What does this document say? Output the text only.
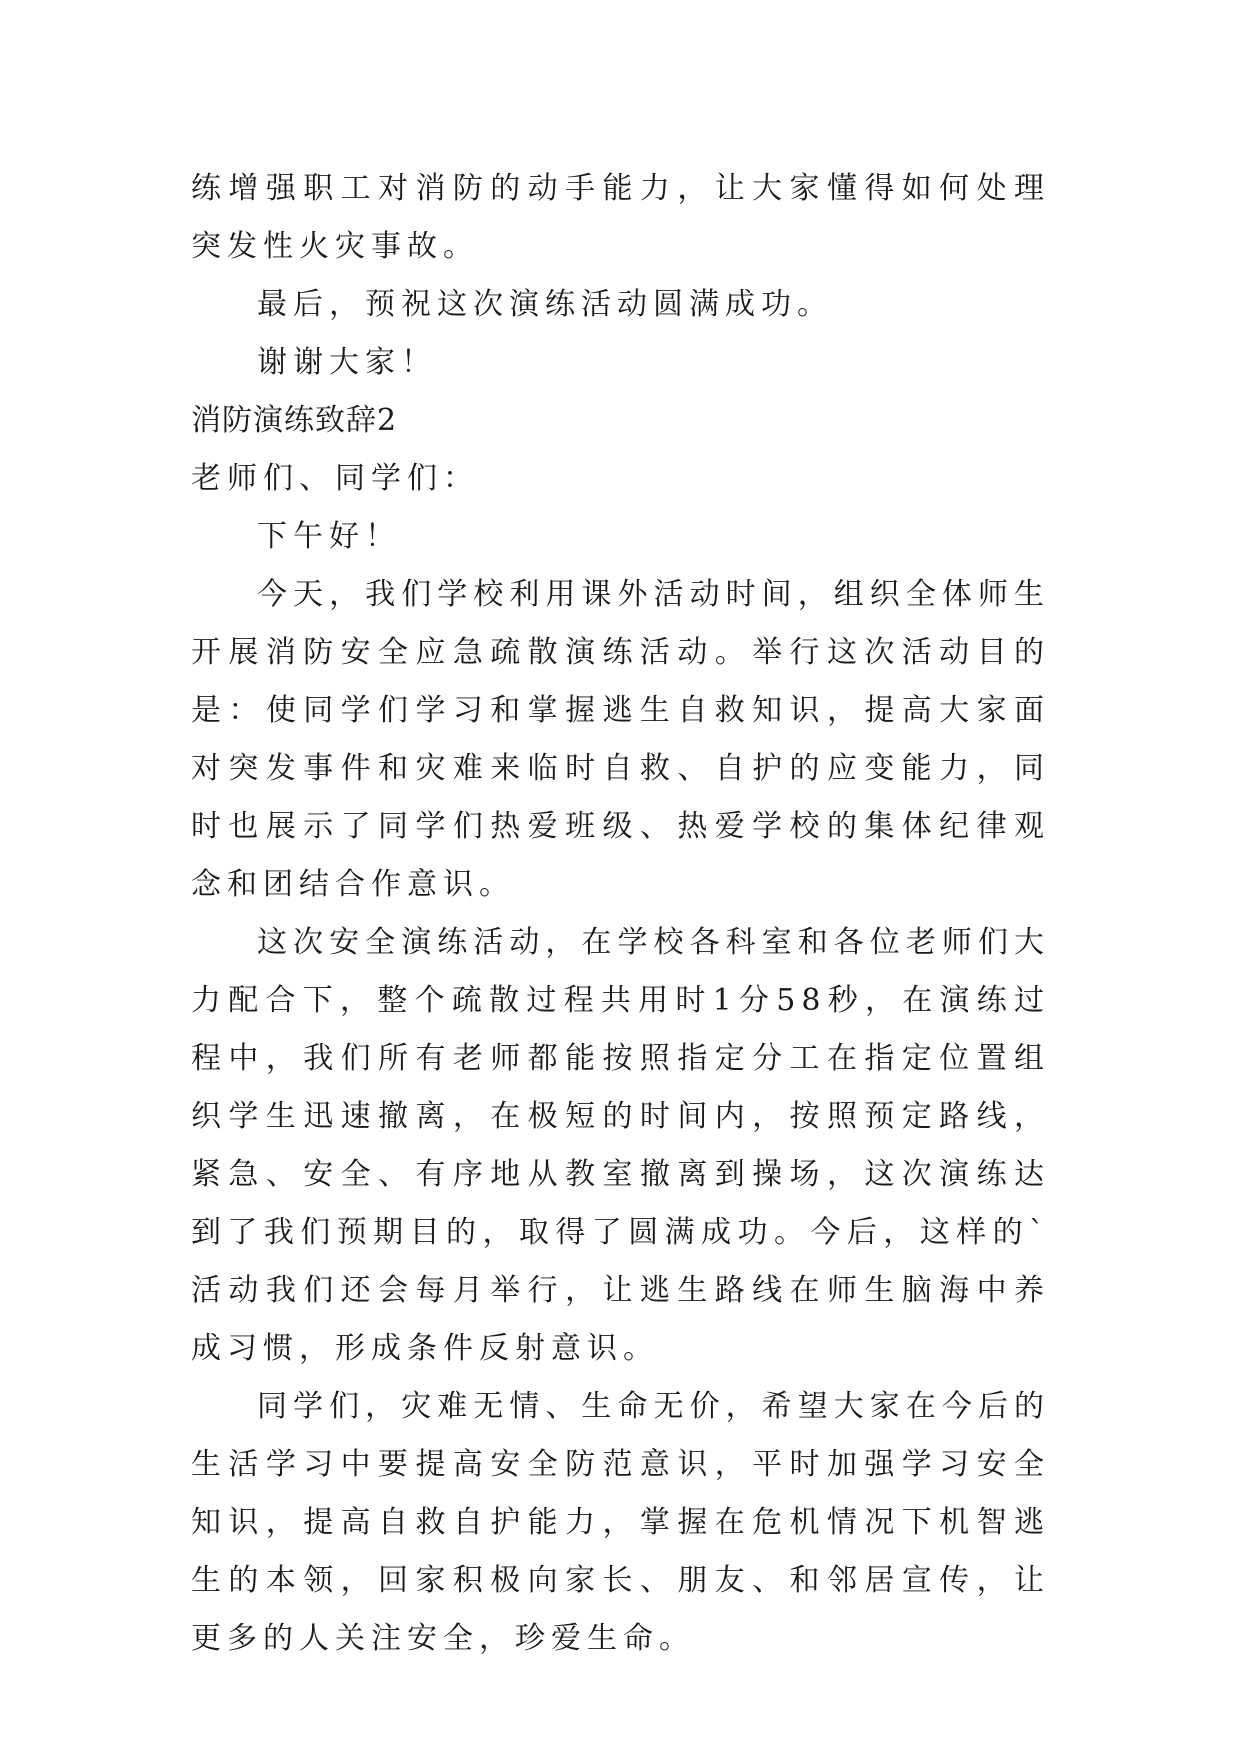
练增强职工对消防的动手能力，让大家懂得如何处理突发性火灾事故。

最后，预祝这次演练活动圆满成功。

谢谢大家！

消防演练致辞2

老师们、同学们：

下午好！

今天，我们学校利用课外活动时间，组织全体师生开展消防安全应急疏散演练活动。举行这次活动目的是：使同学们学习和掌握逃生自救知识，提高大家面对突发事件和灾难来临时自救、自护的应变能力，同时也展示了同学们热爱班级、热爱学校的集体纪律观念和团结合作意识。

这次安全演练活动，在学校各科室和各位老师们大力配合下，整个疏散过程共用时1分58秒，在演练过程中，我们所有老师都能按照指定分工在指定位置组织学生迅速撤离，在极短的时间内，按照预定路线，紧急、安全、有序地从教室撤离到操场，这次演练达到了我们预期目的，取得了圆满成功。今后，这样的`活动我们还会每月举行，让逃生路线在师生脑海中养成习惯，形成条件反射意识。

同学们，灾难无情、生命无价，希望大家在今后的生活学习中要提高安全防范意识，平时加强学习安全知识，提高自救自护能力，掌握在危机情况下机智逃生的本领，回家积极向家长、朋友、和邻居宣传，让更多的人关注安全，珍爱生命。
